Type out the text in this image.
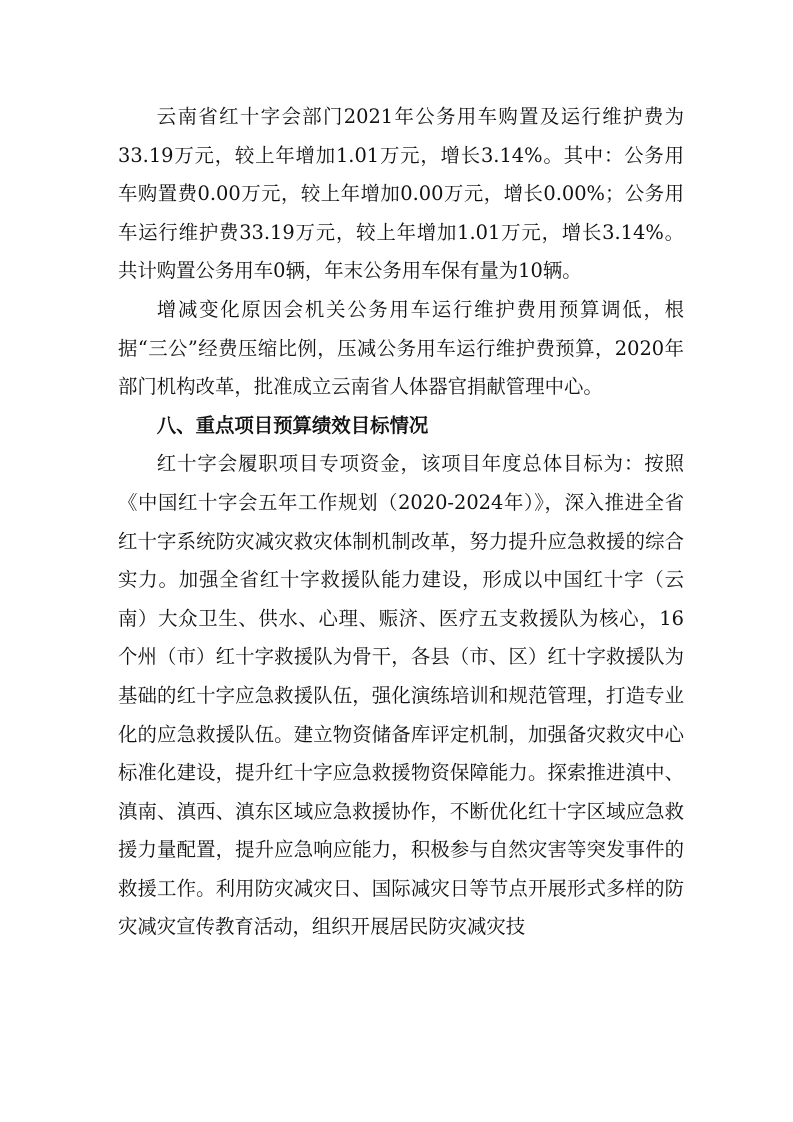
云南省红十字会部门2021年公务用车购置及运行维护费为33.19万元，较上年增加1.01万元，增长3.14%。其中：公务用车购置费0.00万元，较上年增加0.00万元，增长0.00%；公务用车运行维护费33.19万元，较上年增加1.01万元，增长3.14%。共计购置公务用车0辆，年末公务用车保有量为10辆。

增减变化原因会机关公务用车运行维护费用预算调低，根据“三公”经费压缩比例，压减公务用车运行维护费预算，2020年部门机构改革，批准成立云南省人体器官捐献管理中心。

八、重点项目预算绩效目标情况

红十字会履职项目专项资金，该项目年度总体目标为：按照《中国红十字会五年工作规划（2020-2024年）》，深入推进全省红十字系统防灾减灾救灾体制机制改革，努力提升应急救援的综合实力。加强全省红十字救援队能力建设，形成以中国红十字（云南）大众卫生、供水、心理、赈济、医疗五支救援队为核心，16个州（市）红十字救援队为骨干，各县（市、区）红十字救援队为基础的红十字应急救援队伍，强化演练培训和规范管理，打造专业化的应急救援队伍。建立物资储备库评定机制，加强备灾救灾中心标准化建设，提升红十字应急救援物资保障能力。探索推进滇中、滇南、滇西、滇东区域应急救援协作，不断优化红十字区域应急救援力量配置，提升应急响应能力，积极参与自然灾害等突发事件的救援工作。利用防灾减灾日、国际减灾日等节点开展形式多样的防灾减灾宣传教育活动，组织开展居民防灾减灾技
